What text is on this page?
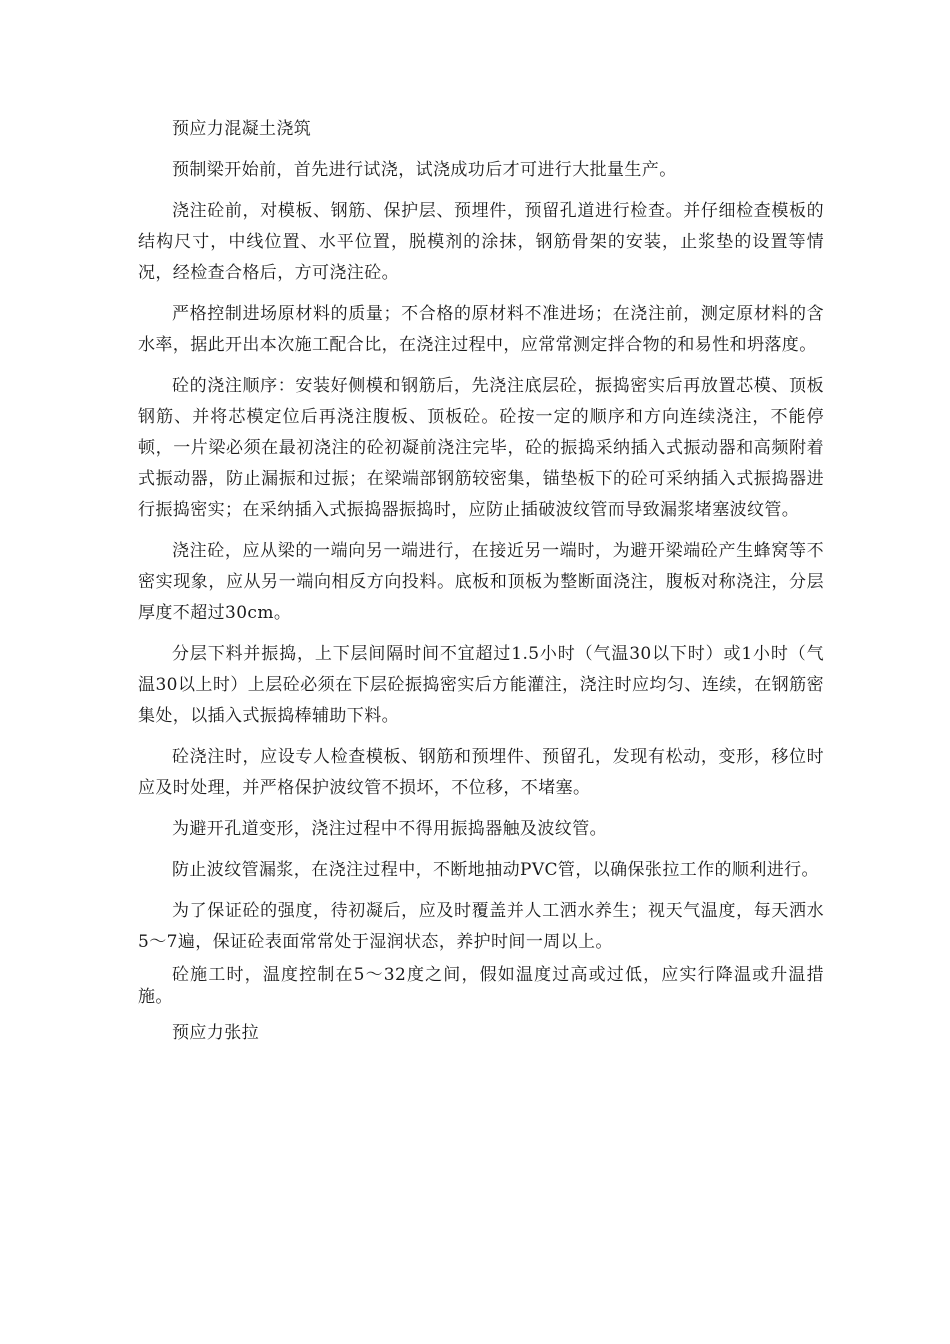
预应力混凝土浇筑

预制梁开始前，首先进行试浇，试浇成功后才可进行大批量生产。

浇注砼前，对模板、钢筋、保护层、预埋件，预留孔道进行检查。并仔细检查模板的结构尺寸，中线位置、水平位置，脱模剂的涂抹，钢筋骨架的安装，止浆垫的设置等情况，经检查合格后，方可浇注砼。

严格控制进场原材料的质量；不合格的原材料不准进场；在浇注前，测定原材料的含水率，据此开出本次施工配合比，在浇注过程中，应常常测定拌合物的和易性和坍落度。

砼的浇注顺序：安装好侧模和钢筋后，先浇注底层砼，振捣密实后再放置芯模、顶板钢筋、并将芯模定位后再浇注腹板、顶板砼。砼按一定的顺序和方向连续浇注，不能停顿，一片梁必须在最初浇注的砼初凝前浇注完毕，砼的振捣采纳插入式振动器和高频附着式振动器，防止漏振和过振；在梁端部钢筋较密集，锚垫板下的砼可采纳插入式振捣器进行振捣密实；在采纳插入式振捣器振捣时，应防止插破波纹管而导致漏浆堵塞波纹管。

浇注砼，应从梁的一端向另一端进行，在接近另一端时，为避开梁端砼产生蜂窝等不密实现象，应从另一端向相反方向投料。底板和顶板为整断面浇注，腹板对称浇注，分层厚度不超过30cm。

分层下料并振捣，上下层间隔时间不宜超过1.5小时（气温30以下时）或1小时（气温30以上时）上层砼必须在下层砼振捣密实后方能灌注，浇注时应均匀、连续，在钢筋密集处，以插入式振捣棒辅助下料。

砼浇注时，应设专人检查模板、钢筋和预埋件、预留孔，发现有松动，变形，移位时应及时处理，并严格保护波纹管不损坏，不位移，不堵塞。

为避开孔道变形，浇注过程中不得用振捣器触及波纹管。

防止波纹管漏浆，在浇注过程中，不断地抽动PVC管，以确保张拉工作的顺利进行。

为了保证砼的强度，待初凝后，应及时覆盖并人工洒水养生；视天气温度，每天洒水5〜7遍，保证砼表面常常处于湿润状态，养护时间一周以上。

砼施工时，温度控制在5〜32度之间，假如温度过高或过低，应实行降温或升温措施。

预应力张拉
